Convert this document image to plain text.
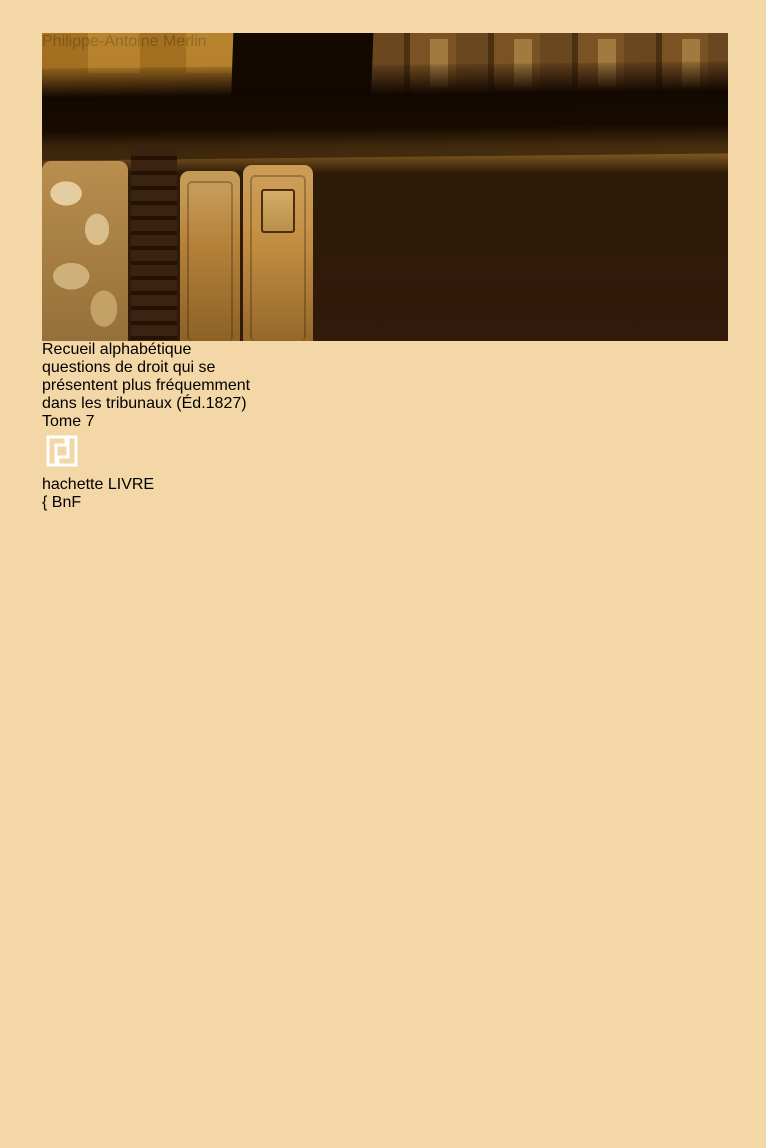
Recueil alphabétique
questions de droit qui se
présentent plus fréquemment
dans les tribunaux (Éd.1827)
Tome 7
hachette LIVRE
{ BnF
